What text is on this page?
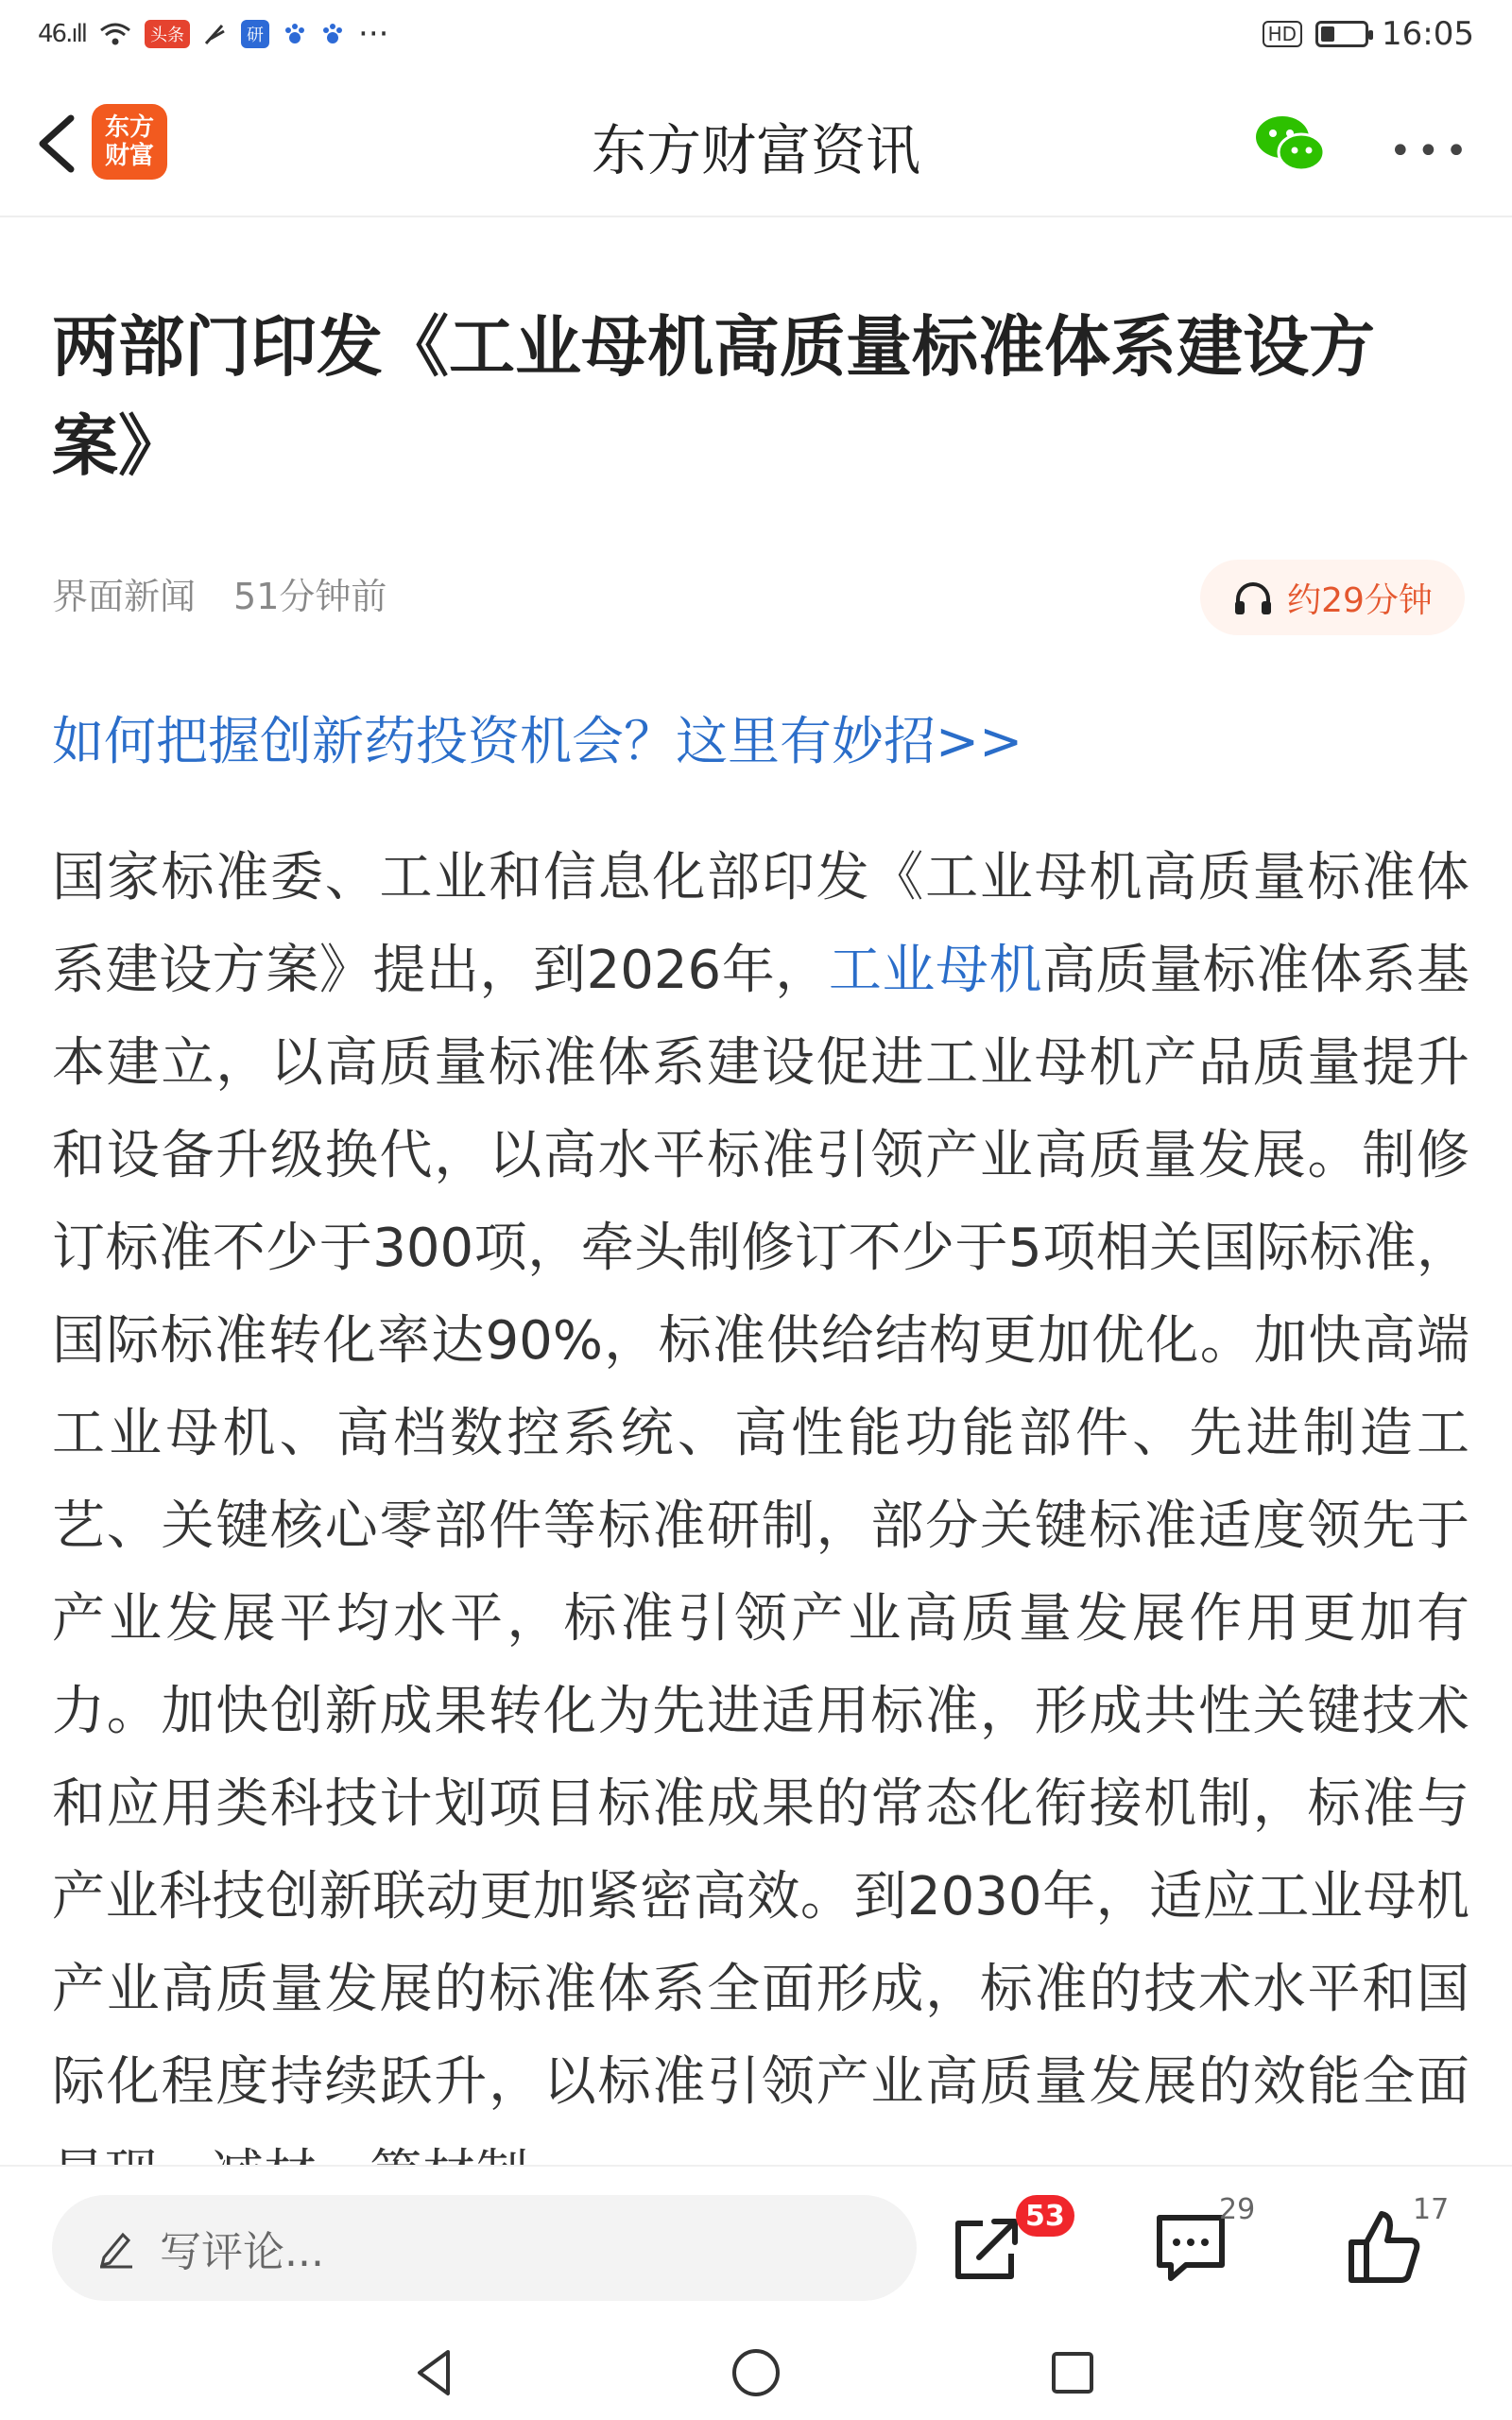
46.ıll	头条	研	···	HD	16:05
东方财富	东方财富资讯	•••
两部门印发《工业母机高质量标准体系建设方案》
界面新闻 51分钟前	约29分钟
如何把握创新药投资机会？这里有妙招>>
国家标准委、工业和信息化部印发《工业母机高质量标准体系建设方案》提出，到2026年，工业母机高质量标准体系基本建立，以高质量标准体系建设促进工业母机产品质量提升和设备升级换代，以高水平标准引领产业高质量发展。制修订标准不少于300项，牵头制修订不少于5项相关国际标准，国际标准转化率达90%，标准供给结构更加优化。加快高端工业母机、高档数控系统、高性能功能部件、先进制造工艺、关键核心零部件等标准研制，部分关键标准适度领先于产业发展平均水平，标准引领产业高质量发展作用更加有力。加快创新成果转化为先进适用标准，形成共性关键技术和应用类科技计划项目标准成果的常态化衔接机制，标准与产业科技创新联动更加紧密高效。到2030年，适应工业母机产业高质量发展的标准体系全面形成，标准的技术水平和国际化程度持续跃升，以标准引领产业高质量发展的效能全面
写评论...
53	29	17
